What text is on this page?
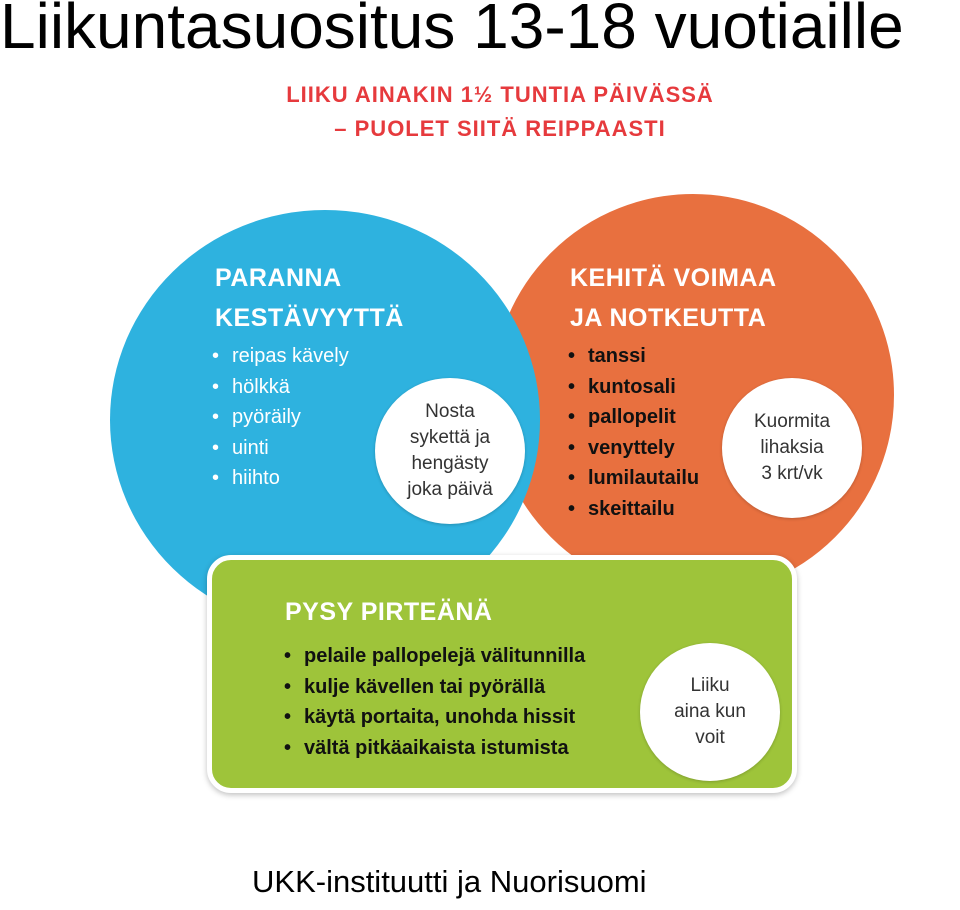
Liikuntasuositus 13-18 vuotiaille
LIIKU AINAKIN 1½ TUNTIA PÄIVÄSSÄ
– PUOLET SIITÄ REIPPAASTI
PARANNA
KESTÄVYYTTÄ
• reipas kävely
• hölkkä
• pyöräily
• uinti
• hiihto
Nosta
sykettä ja
hengästy
joka päivä
KEHITÄ VOIMAA
JA NOTKEUTTA
• tanssi
• kuntosali
• pallopelit
• venyttely
• lumilautailu
• skeittailu
Kuormita
lihaksia
3 krt/vk
PYSY PIRTEÄNÄ
• pelaile pallopelejä välitunnilla
• kulje kävellen tai pyörällä
• käytä portaita, unohda hissit
• vältä pitkäaikaista istumista
Liiku
aina kun
voit
UKK-instituutti ja Nuorisuomi
